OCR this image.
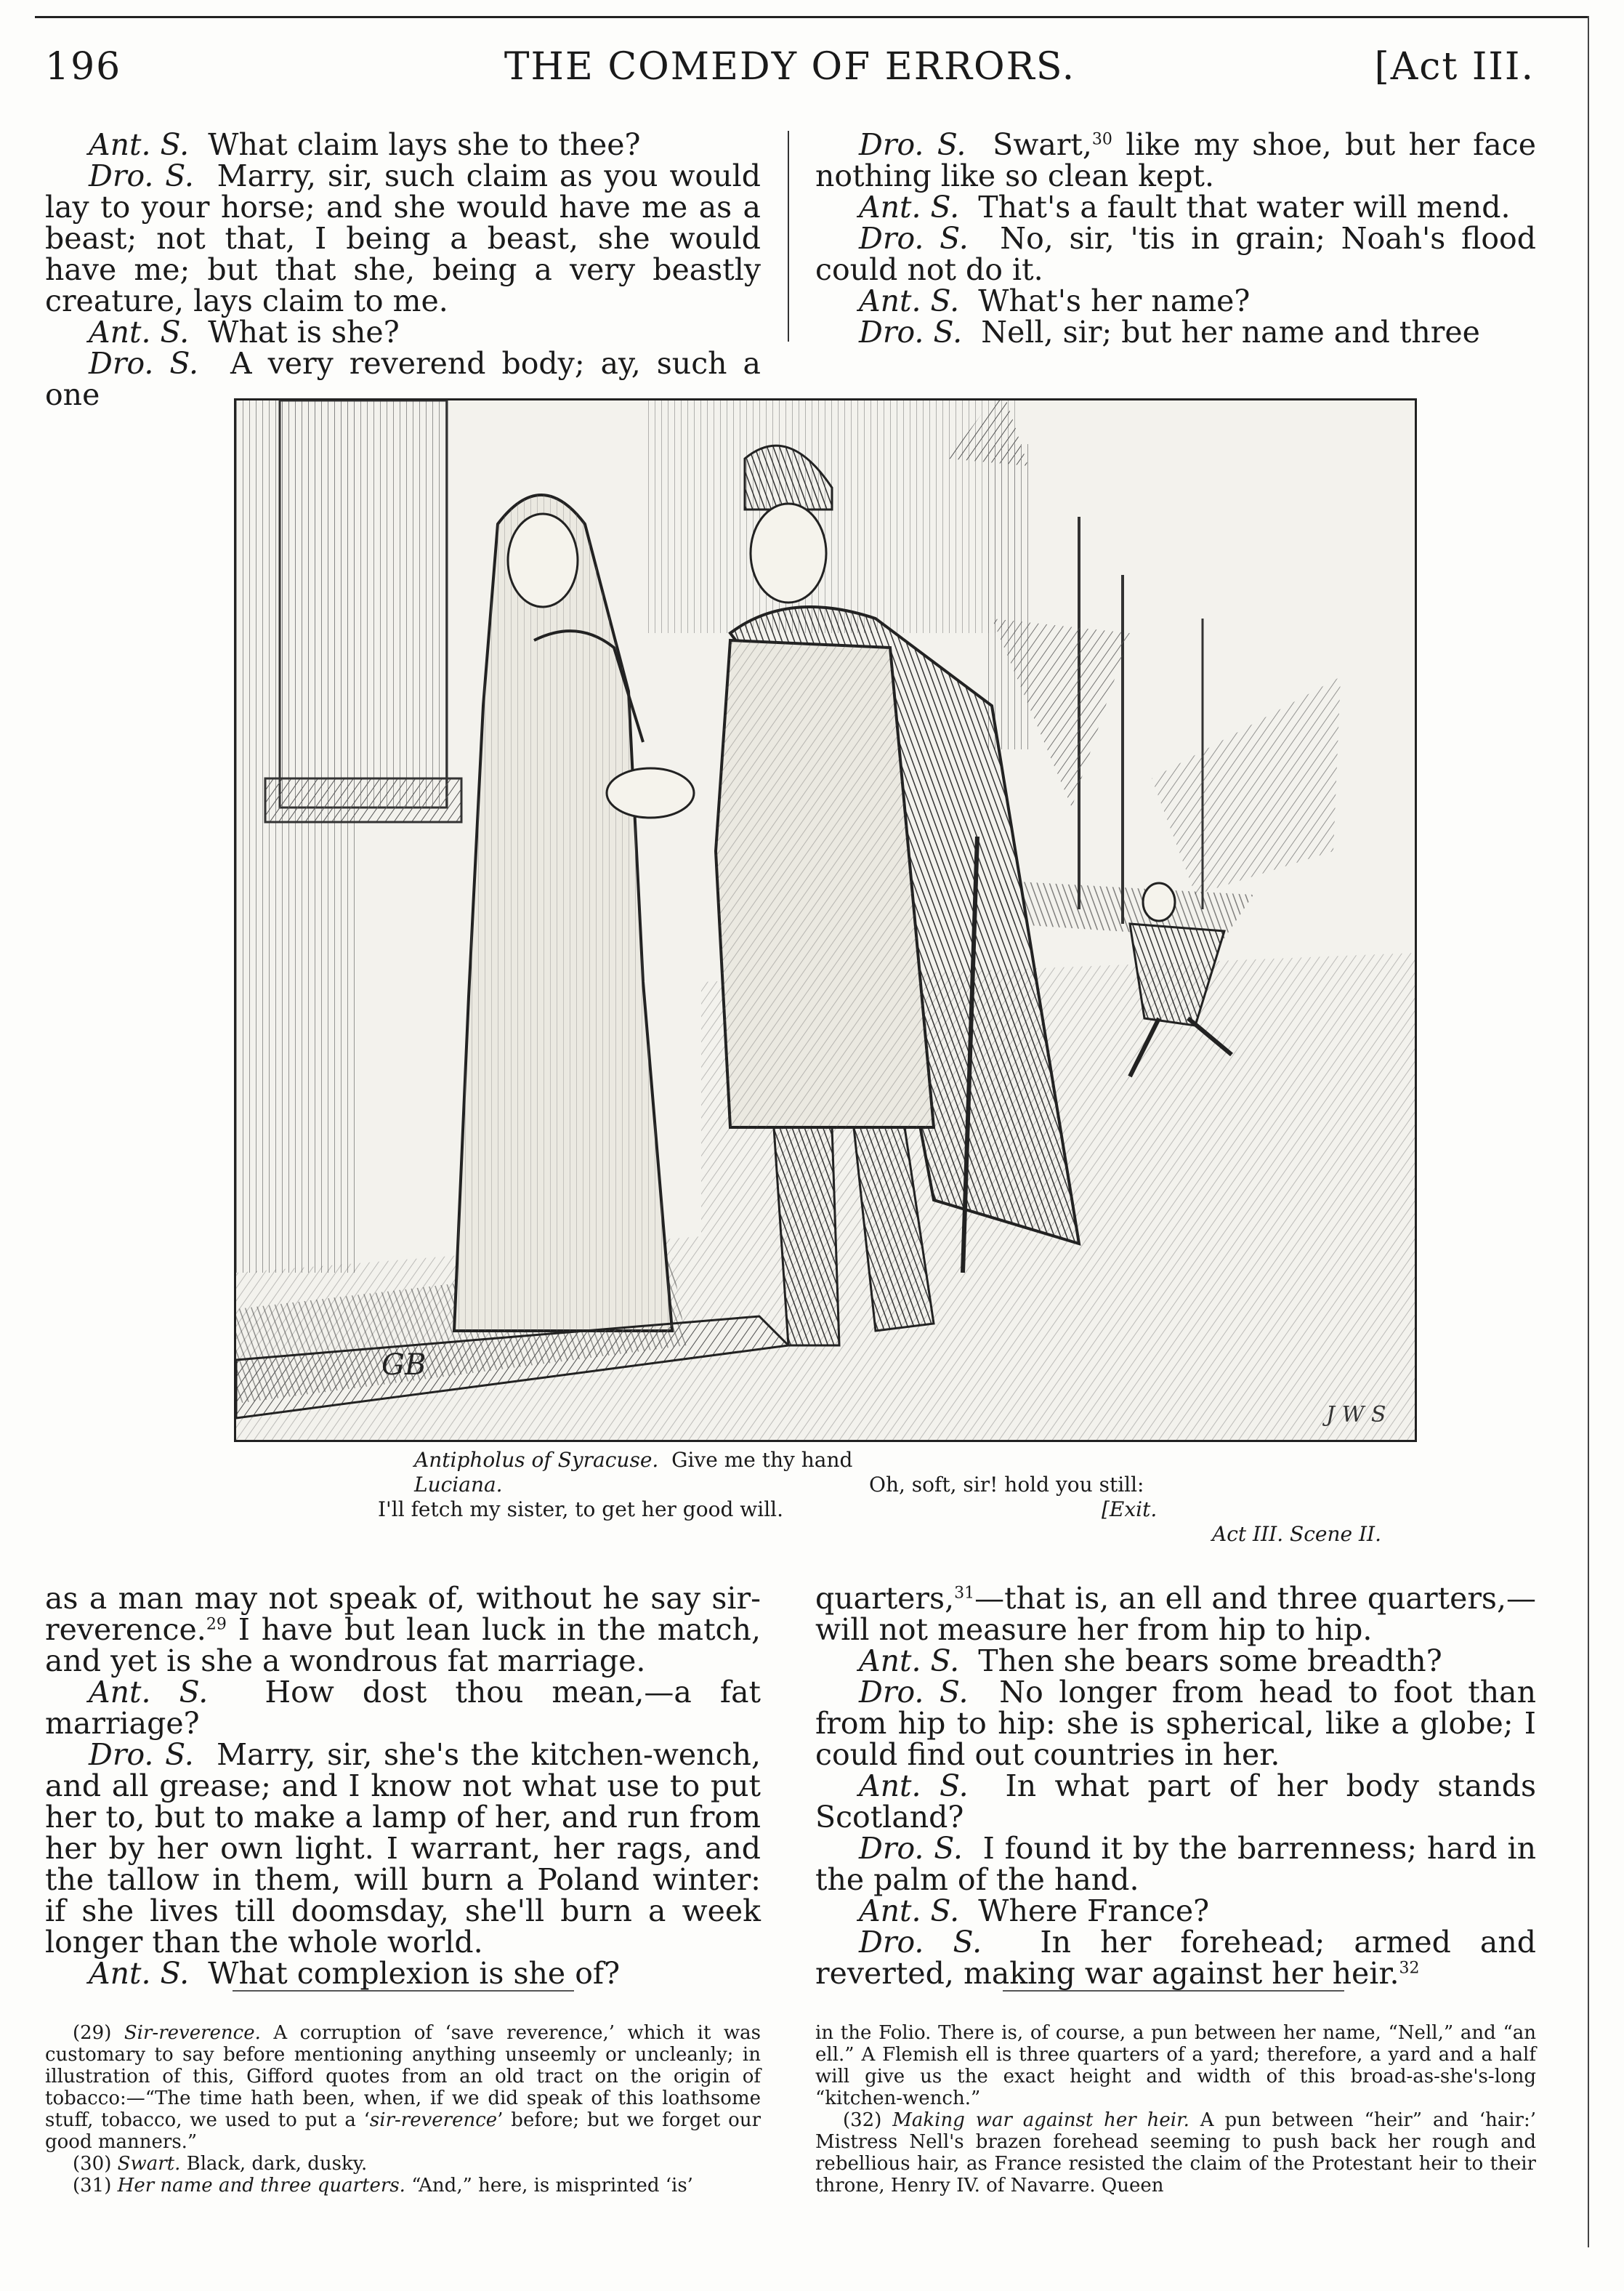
196	THE COMEDY OF ERRORS.	[Act III.

Ant. S. What claim lays she to thee?

Dro. S. Marry, sir, such claim as you would lay to your horse; and she would have me as a beast; not that, I being a beast, she would have me; but that she, being a very beastly creature, lays claim to me.

Ant. S. What is she?

Dro. S. A very reverend body; ay, such a one

Dro. S. Swart,$^{30}$ like my shoe, but her face nothing like so clean kept.

Ant. S. That's a fault that water will mend.

Dro. S. No, sir, 'tis in grain; Noah's flood could not do it.

Ant. S. What's her name?

Dro. S. Nell, sir; but her name and three

GB
J W S
Antipholus of Syracuse. Give me thy hand
Luciana.	Oh, soft, sir! hold you still:
I'll fetch my sister, to get her good will.	[Exit.
Act III. Scene II.

as a man may not speak of, without he say sir-reverence.$^{29}$ I have but lean luck in the match, and yet is she a wondrous fat marriage.

Ant. S. How dost thou mean,—a fat marriage?

Dro. S. Marry, sir, she's the kitchen-wench, and all grease; and I know not what use to put her to, but to make a lamp of her, and run from her by her own light. I warrant, her rags, and the tallow in them, will burn a Poland winter: if she lives till doomsday, she'll burn a week longer than the whole world.

Ant. S. What complexion is she of?

quarters,$^{31}$—that is, an ell and three quarters,—will not measure her from hip to hip.

Ant. S. Then she bears some breadth?

Dro. S. No longer from head to foot than from hip to hip: she is spherical, like a globe; I could find out countries in her.

Ant. S. In what part of her body stands Scotland?

Dro. S. I found it by the barrenness; hard in the palm of the hand.

Ant. S. Where France?

Dro. S. In her forehead; armed and reverted, making war against her heir.$^{32}$

(29) Sir-reverence. A corruption of ‘save reverence,’ which it was customary to say before mentioning anything unseemly or uncleanly; in illustration of this, Gifford quotes from an old tract on the origin of tobacco:—“The time hath been, when, if we did speak of this loathsome stuff, tobacco, we used to put a ‘sir-reverence’ before; but we forget our good manners.”

(30) Swart. Black, dark, dusky.

(31) Her name and three quarters. “And,” here, is misprinted ‘is’

in the Folio. There is, of course, a pun between her name, “Nell,” and “an ell.” A Flemish ell is three quarters of a yard; therefore, a yard and a half will give us the exact height and width of this broad-as-she's-long “kitchen-wench.”

(32) Making war against her heir. A pun between “heir” and ‘hair:’ Mistress Nell's brazen forehead seeming to push back her rough and rebellious hair, as France resisted the claim of the Protestant heir to their throne, Henry IV. of Navarre. Queen
